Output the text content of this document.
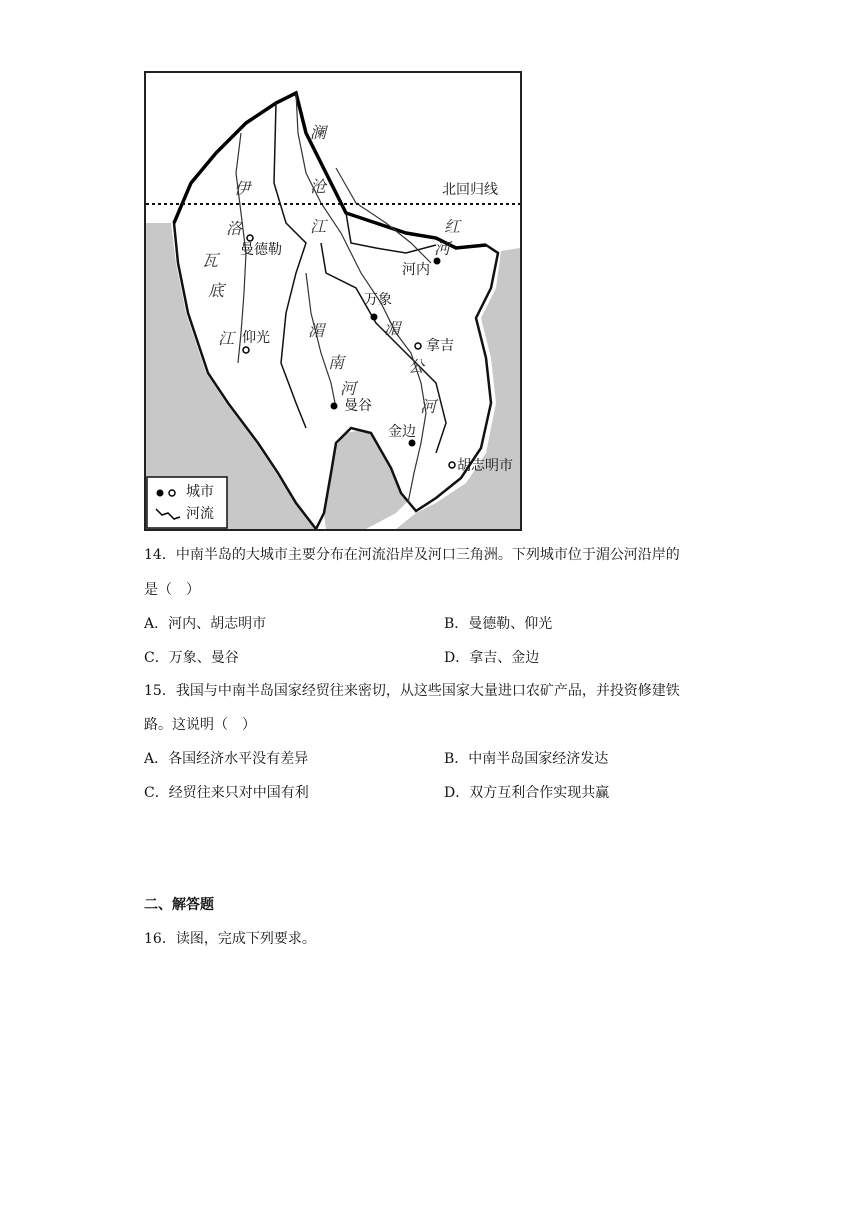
北回归线
澜
沧
江
伊
洛
瓦
底
江	湄
南
河
湄
公
河
红
河
曼德勒
仰光
河内
万象
拿吉
曼谷
金边
胡志明市
城市
河流
14．中南半岛的大城市主要分布在河流沿岸及河口三角洲。下列城市位于湄公河沿岸的
是（　）
A．河内、胡志明市	B．曼德勒、仰光
C．万象、曼谷	D．拿吉、金边
15．我国与中南半岛国家经贸往来密切，从这些国家大量进口农矿产品，并投资修建铁
路。这说明（　）
A．各国经济水平没有差异	B．中南半岛国家经济发达
C．经贸往来只对中国有利	D．双方互利合作实现共赢
二、解答题
16．读图，完成下列要求。
